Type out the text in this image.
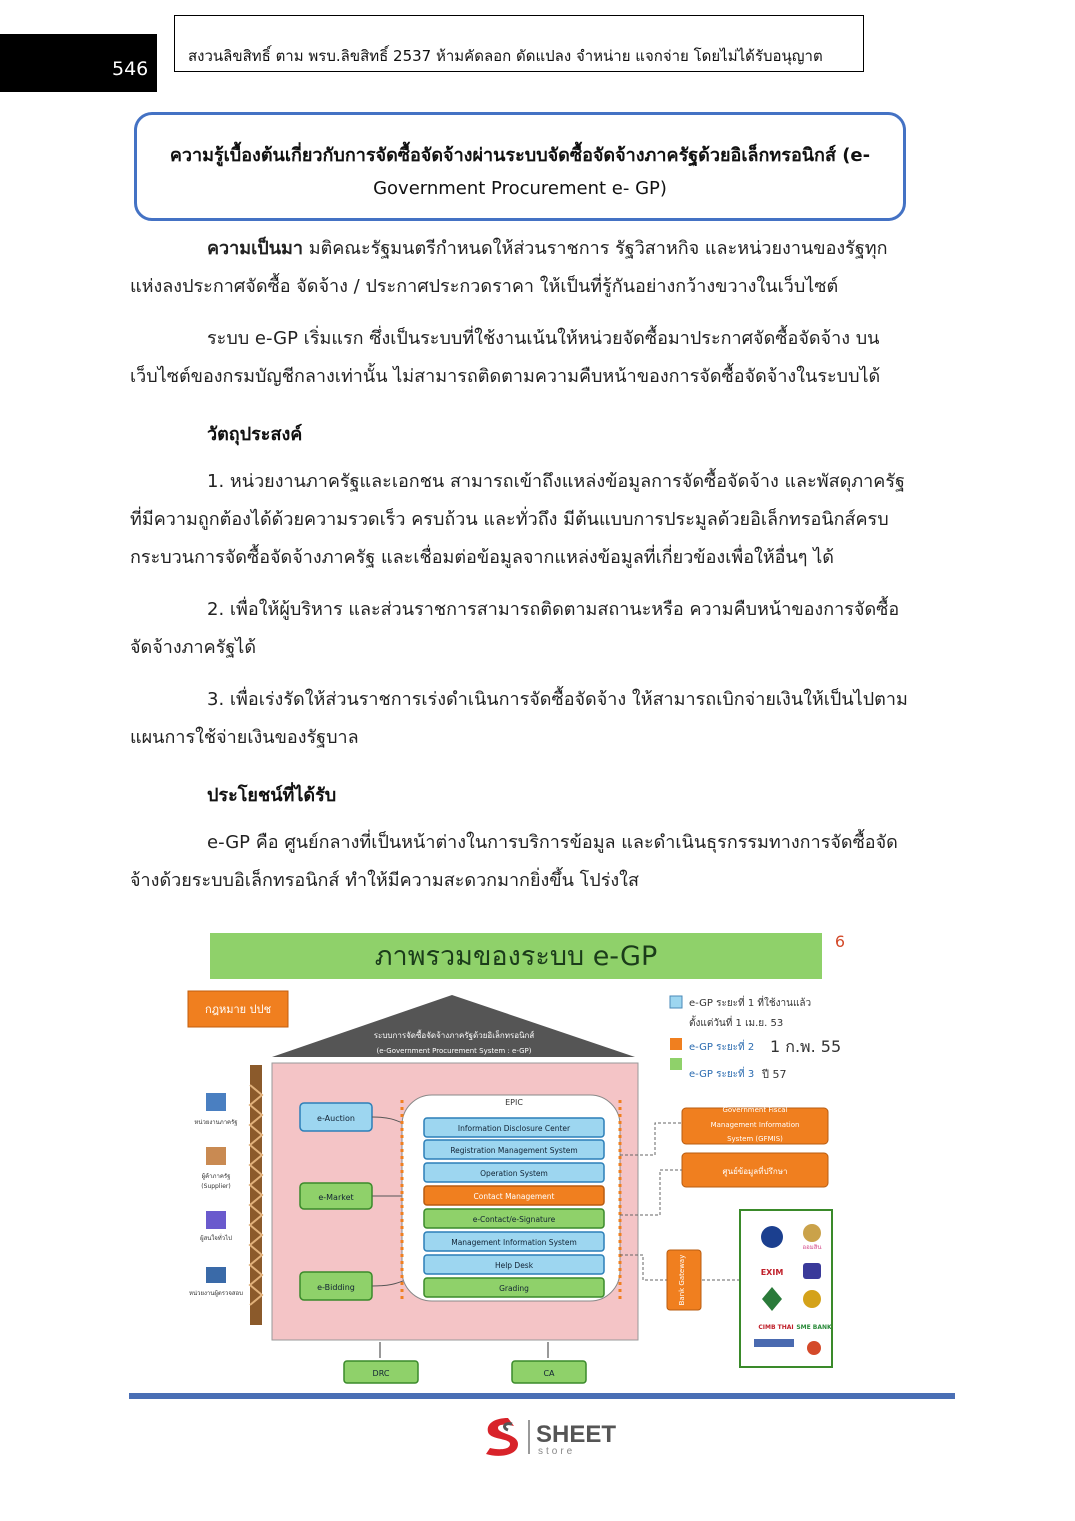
546
สงวนลิขสิทธิ์ ตาม พรบ.ลิขสิทธิ์ 2537 ห้ามคัดลอก ดัดแปลง จำหน่าย แจกจ่าย โดยไม่ได้รับอนุญาต
ความรู้เบื้องต้นเกี่ยวกับการจัดซื้อจัดจ้างผ่านระบบจัดซื้อจัดจ้างภาครัฐด้วยอิเล็กทรอนิกส์ (e-
Government Procurement e- GP)
ความเป็นมา มติคณะรัฐมนตรีกำหนดให้ส่วนราชการ รัฐวิสาหกิจ และหน่วยงานของรัฐทุกแห่งลงประกาศจัดซื้อ จัดจ้าง / ประกาศประกวดราคา ให้เป็นที่รู้กันอย่างกว้างขวางในเว็บไซต์
ระบบ e-GP เริ่มแรก ซึ่งเป็นระบบที่ใช้งานเน้นให้หน่วยจัดซื้อมาประกาศจัดซื้อจัดจ้าง บนเว็บไซต์ของกรมบัญชีกลางเท่านั้น ไม่สามารถติดตามความคืบหน้าของการจัดซื้อจัดจ้างในระบบได้
วัตถุประสงค์
1. หน่วยงานภาครัฐและเอกชน สามารถเข้าถึงแหล่งข้อมูลการจัดซื้อจัดจ้าง และพัสดุภาครัฐที่มีความถูกต้องได้ด้วยความรวดเร็ว ครบถ้วน และทั่วถึง มีต้นแบบการประมูลด้วยอิเล็กทรอนิกส์ครบกระบวนการจัดซื้อจัดจ้างภาครัฐ และเชื่อมต่อข้อมูลจากแหล่งข้อมูลที่เกี่ยวข้องเพื่อให้อื่นๆ ได้
2. เพื่อให้ผู้บริหาร และส่วนราชการสามารถติดตามสถานะหรือ ความคืบหน้าของการจัดซื้อจัดจ้างภาครัฐได้
3. เพื่อเร่งรัดให้ส่วนราชการเร่งดำเนินการจัดซื้อจัดจ้าง ให้สามารถเบิกจ่ายเงินให้เป็นไปตามแผนการใช้จ่ายเงินของรัฐบาล
ประโยชน์ที่ได้รับ
e-GP คือ ศูนย์กลางที่เป็นหน้าต่างในการบริการข้อมูล และดำเนินธุรกรรมทางการจัดซื้อจัดจ้างด้วยระบบอิเล็กทรอนิกส์ ทำให้มีความสะดวกมากยิ่งขึ้น โปร่งใส
ภาพรวมของระบบ e-GP	6
กฎหมาย ปปช
ระบบการจัดซื้อจัดจ้างภาครัฐด้วยอิเล็กทรอนิกส์
(e-Government Procurement System : e-GP)
e-GP ระยะที่ 1 ที่ใช้งานแล้ว
ตั้งแต่วันที่ 1 เม.ย. 53
e-GP ระยะที่ 2 1 ก.พ. 55
e-GP ระยะที่ 3 ปี 57
หน่วยงานภาครัฐ
ผู้ค้าภาครัฐ
(Supplier)
ผู้สนใจทั่วไป
หน่วยงานผู้ตรวจสอบ
e-Auction
e-Market
e-Bidding
EPIC
Information Disclosure Center
Registration Management System
Operation System
Contact Management
e-Contact/e-Signature
Management Information System
Help Desk
Grading
Government Fiscal
Management Information
System (GFMIS)
ศูนย์ข้อมูลที่ปรึกษา
Bank Gateway
ออมสิน
EXIM
CIMB THAI SME BANK
DRC	CA
SHEET
store
